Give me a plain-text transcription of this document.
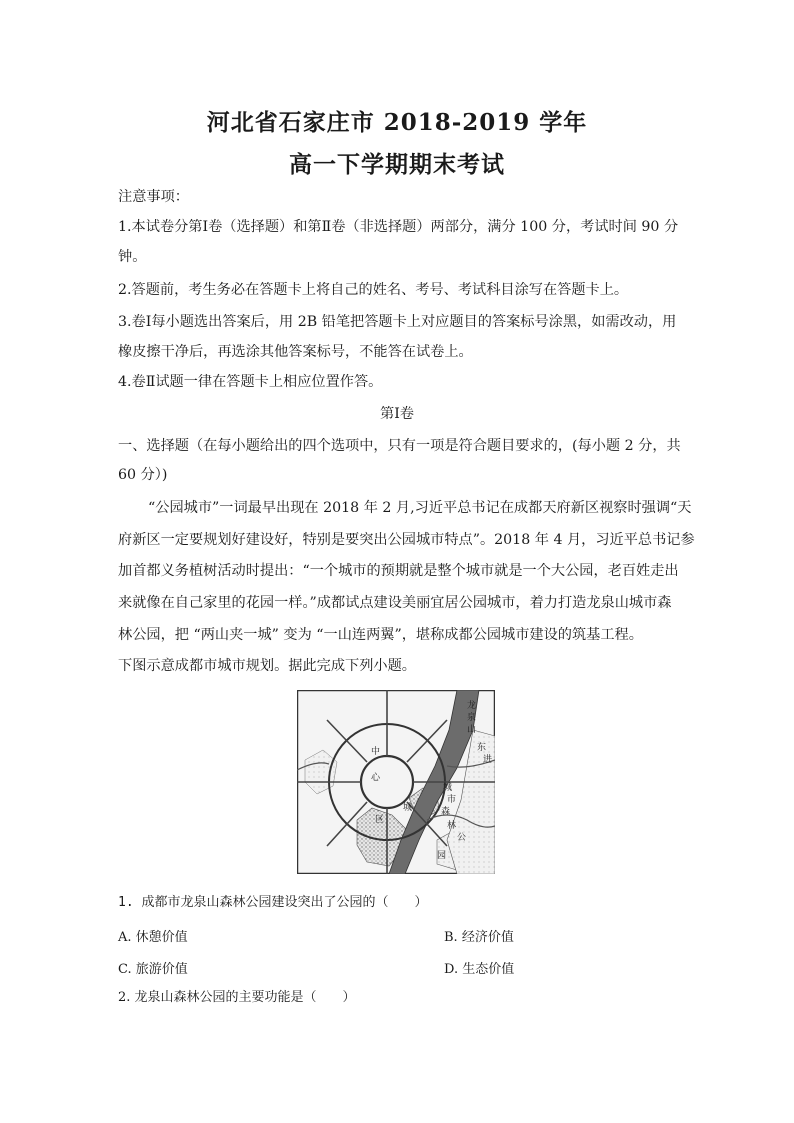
河北省石家庄市 2018-2019 学年
高一下学期期末考试
注意事项：
1.本试卷分第Ⅰ卷（选择题）和第Ⅱ卷（非选择题）两部分，满分 100 分，考试时间 90 分
钟。
2.答题前，考生务必在答题卡上将自己的姓名、考号、考试科目涂写在答题卡上。
3.卷Ⅰ每小题选出答案后，用 2B 铅笔把答题卡上对应题目的答案标号涂黑，如需改动，用
橡皮擦干净后，再选涂其他答案标号，不能答在试卷上。
4.卷Ⅱ试题一律在答题卡上相应位置作答。
第Ⅰ卷
一、选择题（在每小题给出的四个选项中，只有一项是符合题目要求的，(每小题 2 分，共
60 分）)
“公园城市”一词最早出现在 2018 年 2 月,习近平总书记在成都天府新区视察时强调“天
府新区一定要规划好建设好，特别是要突出公园城市特点”。2018 年 4 月，习近平总书记参
加首都义务植树活动时提出：“一个城市的预期就是整个城市就是一个大公园，老百姓走出
来就像在自己家里的花园一样。”成都试点建设美丽宜居公园城市，着力打造龙泉山城市森
林公园，把 “两山夹一城” 变为 “一山连两翼”，堪称成都公园城市建设的筑基工程。
下图示意成都市城市规划。据此完成下列小题。
龙
泉
山
东
进
中
心
城
区
城
市
森
林
公
园
1. 成都市龙泉山森林公园建设突出了公园的（　　）
A. 休憩价值	B. 经济价值
C. 旅游价值	D. 生态价值
2. 龙泉山森林公园的主要功能是（　　）
